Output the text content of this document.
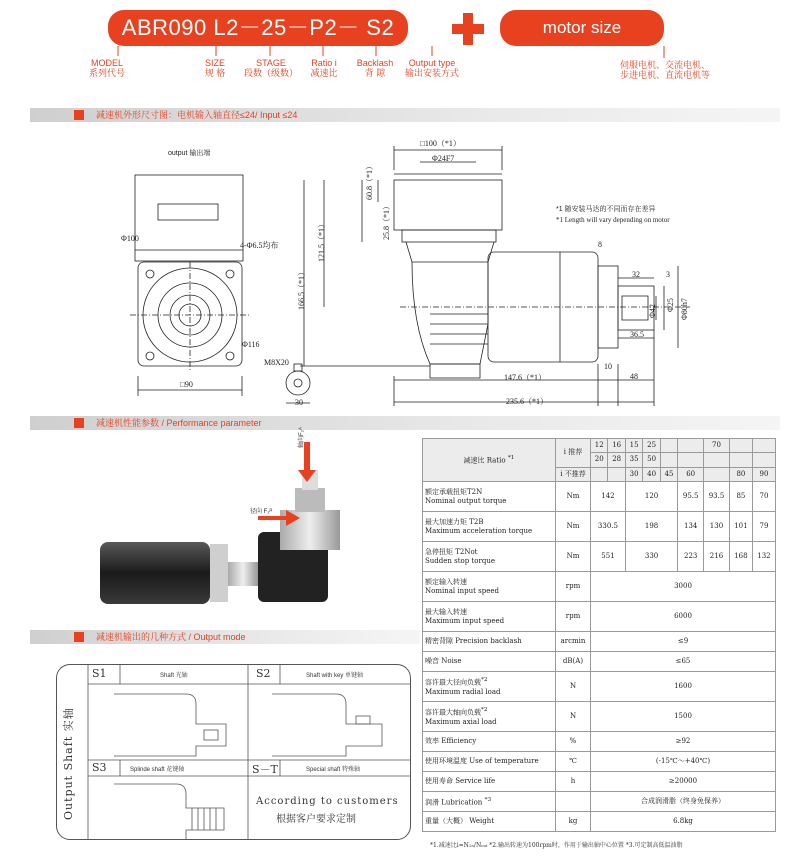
ABR090 L2－25－P2－ S2	motor size
MODEL
系列代号
SIZE
规 格
STAGE
段数（级数）
Ratio i
减速比
Backlash
背 隙
Output type
输出安装方式
伺服电机、交流电机、
步进电机、直流电机等
减速机外形尺寸图：电机输入轴直径≤24/ Input ≤24
output 输出端
Φ100
4-Φ6.5均布
Φ116
□90
M8X20
30
□100（*1）
Φ24F7
60.8（*1）
25.8（*1）
121.5（*1）
166.5（*1）
8
32	3
Φ25
Φ42	Φ80h7
36.5
147.6（*1）
10
48
235.6（*1）
*1 随安装马达的不同而存在差异
*1 Length will vary depending on motor
减速机性能参数 / Performance parameter
轴向F₂ᴬ
径向 F₂ᴿ
减速机输出的几种方式 / Output mode
Output Shaft 实轴
S1	Shaft 光轴	S2	Shaft with key 单键轴
S3	Splinde shaft 花键轴	S－T	Special shaft 特殊轴
According to customers
根据客户要求定制
减速比 Ratio $^{*1}$	i 推荐	12	16	15	25			70		
		20	28	35	50					
	i 不推荐			30	40	45	60		80	90

额定承载扭矩T2N
Nominal output torque	Nm	142		120			95.5	93.5	85	70

最大加速力矩 T2B
Maximum acceleration torque	Nm	330.5		198			134	130	101	79

急停扭矩 T2Not
Sudden stop torque	Nm	551		330			223	216	168	132

额定输入转速
Nominal input speed	rpm	3000								

最大输入转速
Maximum input speed	rpm	6000								
精密背隙 Precision backlash	arcmin	≤9								
噪音 Noise	dB(A)	≤65								

容许最大径向负载$^{*2}$
Maximum radial load	N	1600								

容许最大轴向负载$^{*2}$
Maximum axial load	N	1500								
效率 Efficiency	%	≥92								
使用环境温度 Use of temperature	℃	(-15℃～+40℃)								
使用寿命 Service life	h	≥20000								
润滑 Lubrication $^{*3}$		合成润滑脂（终身免保养）								
重量（大概） Weight	kg	6.8kg								
*1.减速比i=N₁ₙ/Nₒᵤₜ *2.输出转速为100rpm时，作用于输出轴中心位置 *3.可定制高低温油脂
